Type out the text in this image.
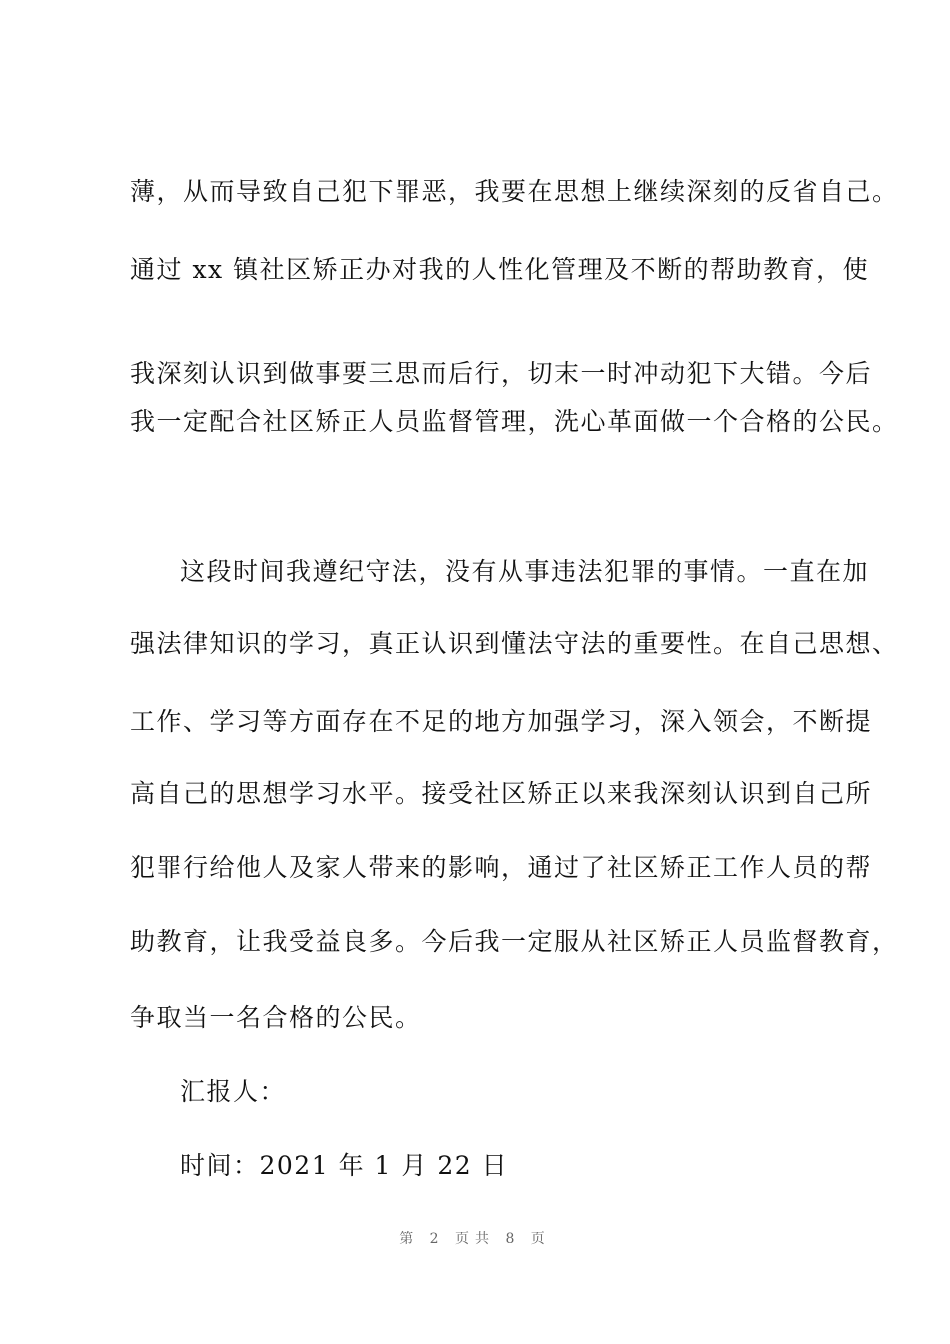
薄，从而导致自己犯下罪恶，我要在思想上继续深刻的反省自己。
通过 xx 镇社区矫正办对我的人性化管理及不断的帮助教育，使
我深刻认识到做事要三思而后行，切末一时冲动犯下大错。今后
我一定配合社区矫正人员监督管理，洗心革面做一个合格的公民。
这段时间我遵纪守法，没有从事违法犯罪的事情。一直在加
强法律知识的学习，真正认识到懂法守法的重要性。在自己思想、
工作、学习等方面存在不足的地方加强学习，深入领会，不断提
高自己的思想学习水平。接受社区矫正以来我深刻认识到自己所
犯罪行给他人及家人带来的影响，通过了社区矫正工作人员的帮
助教育，让我受益良多。今后我一定服从社区矫正人员监督教育，
争取当一名合格的公民。
汇报人：
时间：2021 年 1 月 22 日
第 2 页共 8 页
